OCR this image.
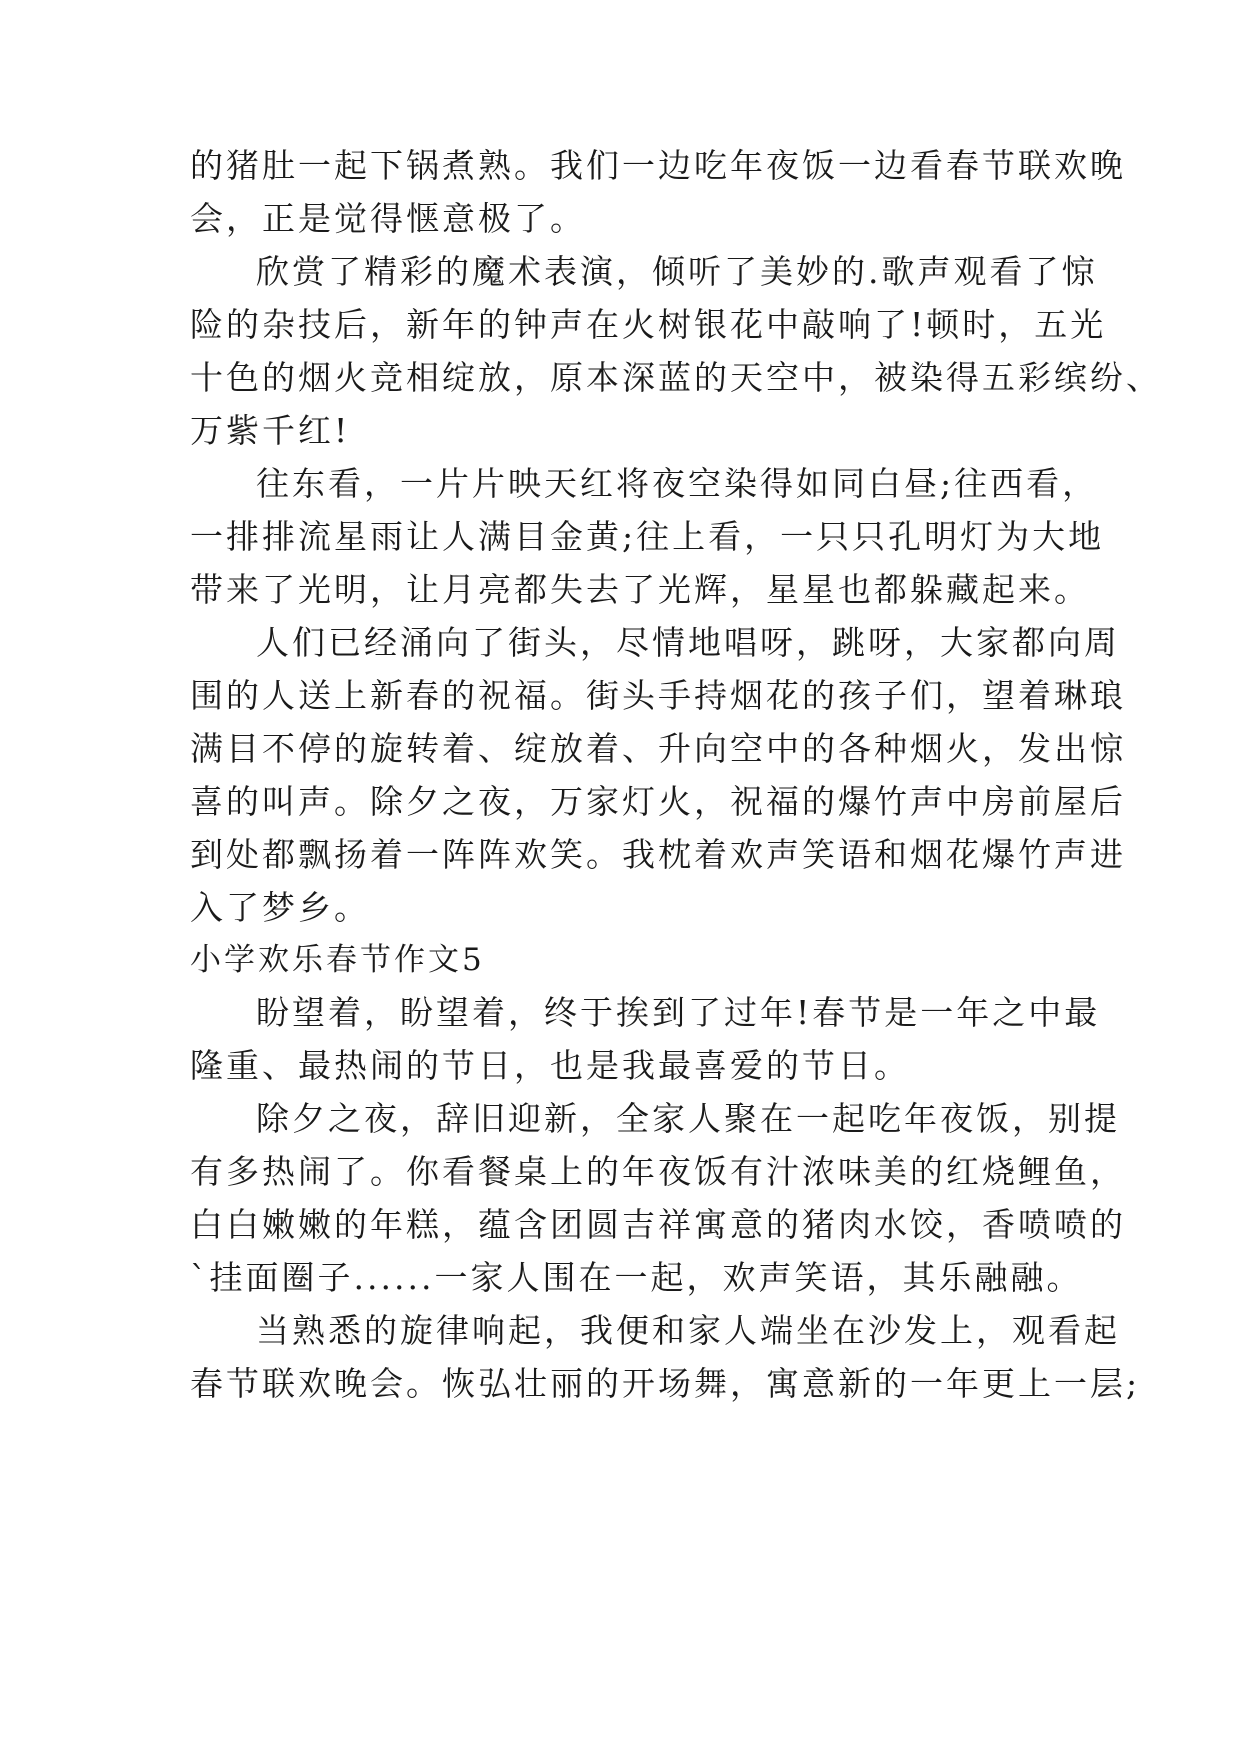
的猪肚一起下锅煮熟。我们一边吃年夜饭一边看春节联欢晚
会，正是觉得惬意极了。
欣赏了精彩的魔术表演，倾听了美妙的.歌声观看了惊
险的杂技后，新年的钟声在火树银花中敲响了!顿时，五光
十色的烟火竞相绽放，原本深蓝的天空中，被染得五彩缤纷、
万紫千红!
往东看，一片片映天红将夜空染得如同白昼;往西看，
一排排流星雨让人满目金黄;往上看，一只只孔明灯为大地
带来了光明，让月亮都失去了光辉，星星也都躲藏起来。
人们已经涌向了街头，尽情地唱呀，跳呀，大家都向周
围的人送上新春的祝福。街头手持烟花的孩子们，望着琳琅
满目不停的旋转着、绽放着、升向空中的各种烟火，发出惊
喜的叫声。除夕之夜，万家灯火，祝福的爆竹声中房前屋后
到处都飘扬着一阵阵欢笑。我枕着欢声笑语和烟花爆竹声进
入了梦乡。
小学欢乐春节作文5
盼望着，盼望着，终于挨到了过年!春节是一年之中最
隆重、最热闹的节日，也是我最喜爱的节日。
除夕之夜，辞旧迎新，全家人聚在一起吃年夜饭，别提
有多热闹了。你看餐桌上的年夜饭有汁浓味美的红烧鲤鱼，
白白嫩嫩的年糕，蕴含团圆吉祥寓意的猪肉水饺，香喷喷的
`挂面圈子......一家人围在一起，欢声笑语，其乐融融。
当熟悉的旋律响起，我便和家人端坐在沙发上，观看起
春节联欢晚会。恢弘壮丽的开场舞，寓意新的一年更上一层;
